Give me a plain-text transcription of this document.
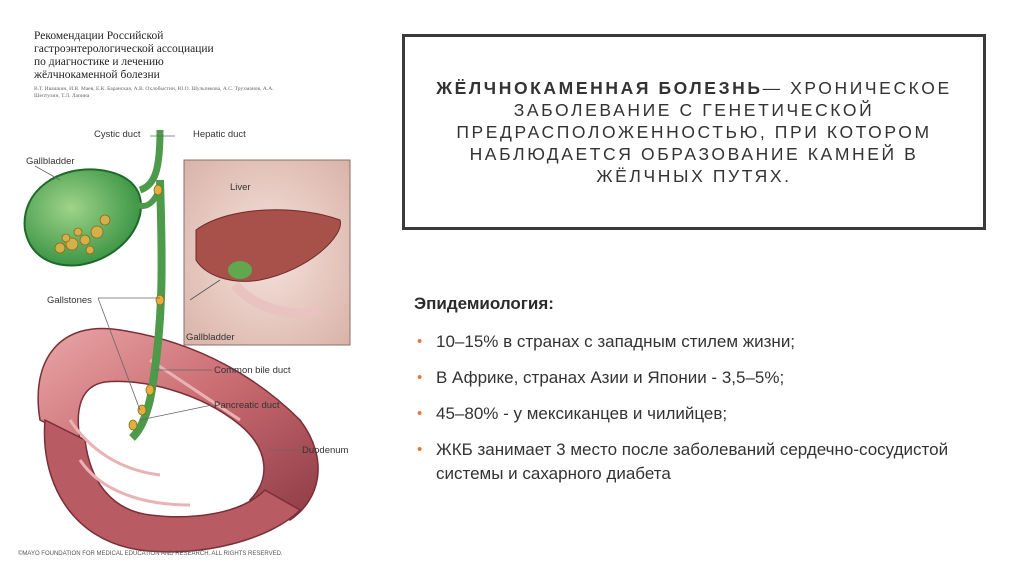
Рекомендации Российской
гастроэнтерологической ассоциации
по диагностике и лечению
жёлчнокаменной болезни
В.Т. Ивашкин, И.В. Маев, Е.К. Баранская, А.В. Охлобыстин, Ю.О. Шульпекова, А.С. Трухманов, А.А. Шептулин, Т.Л. Лапина
Cystic duct	Hepatic duct
Gallbladder
Gallstones
Common bile duct
Pancreatic duct
Duodenum
Liver
Gallbladder
©MAYO FOUNDATION FOR MEDICAL EDUCATION AND RESEARCH. ALL RIGHTS RESERVED.
ЖЁЛЧНОКАМЕННАЯ БОЛЕЗНЬ— ХРОНИЧЕСКОЕ ЗАБОЛЕВАНИЕ С ГЕНЕТИЧЕСКОЙ ПРЕДРАСПОЛОЖЕННОСТЬЮ, ПРИ КОТОРОМ НАБЛЮДАЕТСЯ ОБРАЗОВАНИЕ КАМНЕЙ В ЖЁЛЧНЫХ ПУТЯХ.
Эпидемиология:
• 10–15% в странах с западным стилем жизни;
• В Африке, странах Азии и Японии - 3,5–5%;
• 45–80% - у мексиканцев и чилийцев;
• ЖКБ занимает 3 место после заболеваний сердечно-сосудистой системы и сахарного диабета
